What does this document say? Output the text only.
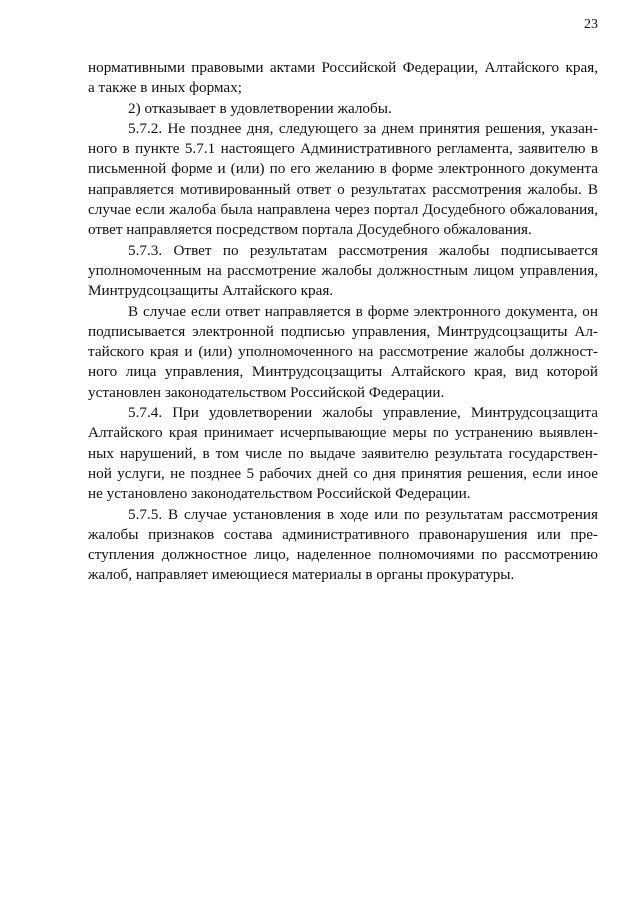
23
нормативными правовыми актами Российской Федерации, Алтайского края,
а также в иных формах;
2) отказывает в удовлетворении жалобы.
5.7.2. Не позднее дня, следующего за днем принятия решения, указан-
ного в пункте 5.7.1 настоящего Административного регламента, заявителю в
письменной форме и (или) по его желанию в форме электронного документа
направляется мотивированный ответ о результатах рассмотрения жалобы. В
случае если жалоба была направлена через портал Досудебного обжалования,
ответ направляется посредством портала Досудебного обжалования.
5.7.3. Ответ по результатам рассмотрения жалобы подписывается
уполномоченным на рассмотрение жалобы должностным лицом управления,
Минтрудсоцзащиты Алтайского края.
В случае если ответ направляется в форме электронного документа, он
подписывается электронной подписью управления, Минтрудсоцзащиты Ал-
тайского края и (или) уполномоченного на рассмотрение жалобы должност-
ного лица управления, Минтрудсоцзащиты Алтайского края, вид которой
установлен законодательством Российской Федерации.
5.7.4. При удовлетворении жалобы управление, Минтрудсоцзащита
Алтайского края принимает исчерпывающие меры по устранению выявлен-
ных нарушений, в том числе по выдаче заявителю результата государствен-
ной услуги, не позднее 5 рабочих дней со дня принятия решения, если иное
не установлено законодательством Российской Федерации.
5.7.5. В случае установления в ходе или по результатам рассмотрения
жалобы признаков состава административного правонарушения или пре-
ступления должностное лицо, наделенное полномочиями по рассмотрению
жалоб, направляет имеющиеся материалы в органы прокуратуры.
